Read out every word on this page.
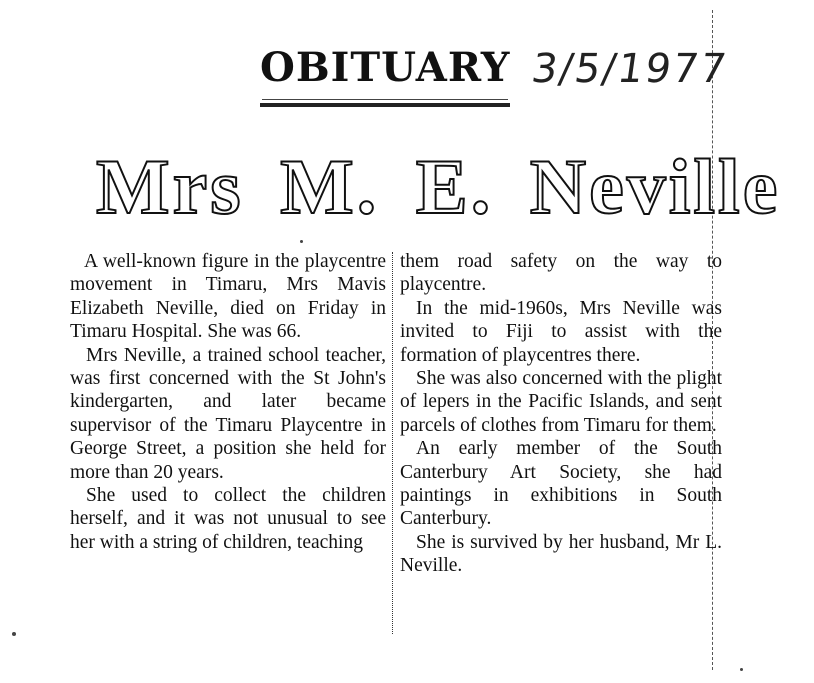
OBITUARY 3/5/1977
Mrs M. E. Neville

A well-known figure in the playcentre movement in Timaru, Mrs Mavis Elizabeth Neville, died on Friday in Timaru Hospital. She was 66.

Mrs Neville, a trained school teacher, was first concerned with the St John's kindergarten, and later became supervisor of the Timaru Playcentre in George Street, a position she held for more than 20 years.

She used to collect the children herself, and it was not unusual to see her with a string of children, teaching

them road safety on the way to playcentre.

In the mid-1960s, Mrs Neville was invited to Fiji to assist with the formation of playcentres there.

She was also concerned with the plight of lepers in the Pacific Islands, and sent parcels of clothes from Timaru for them.

An early member of the South Canterbury Art Society, she had paintings in exhibitions in South Canterbury.

She is survived by her husband, Mr L. Neville.
